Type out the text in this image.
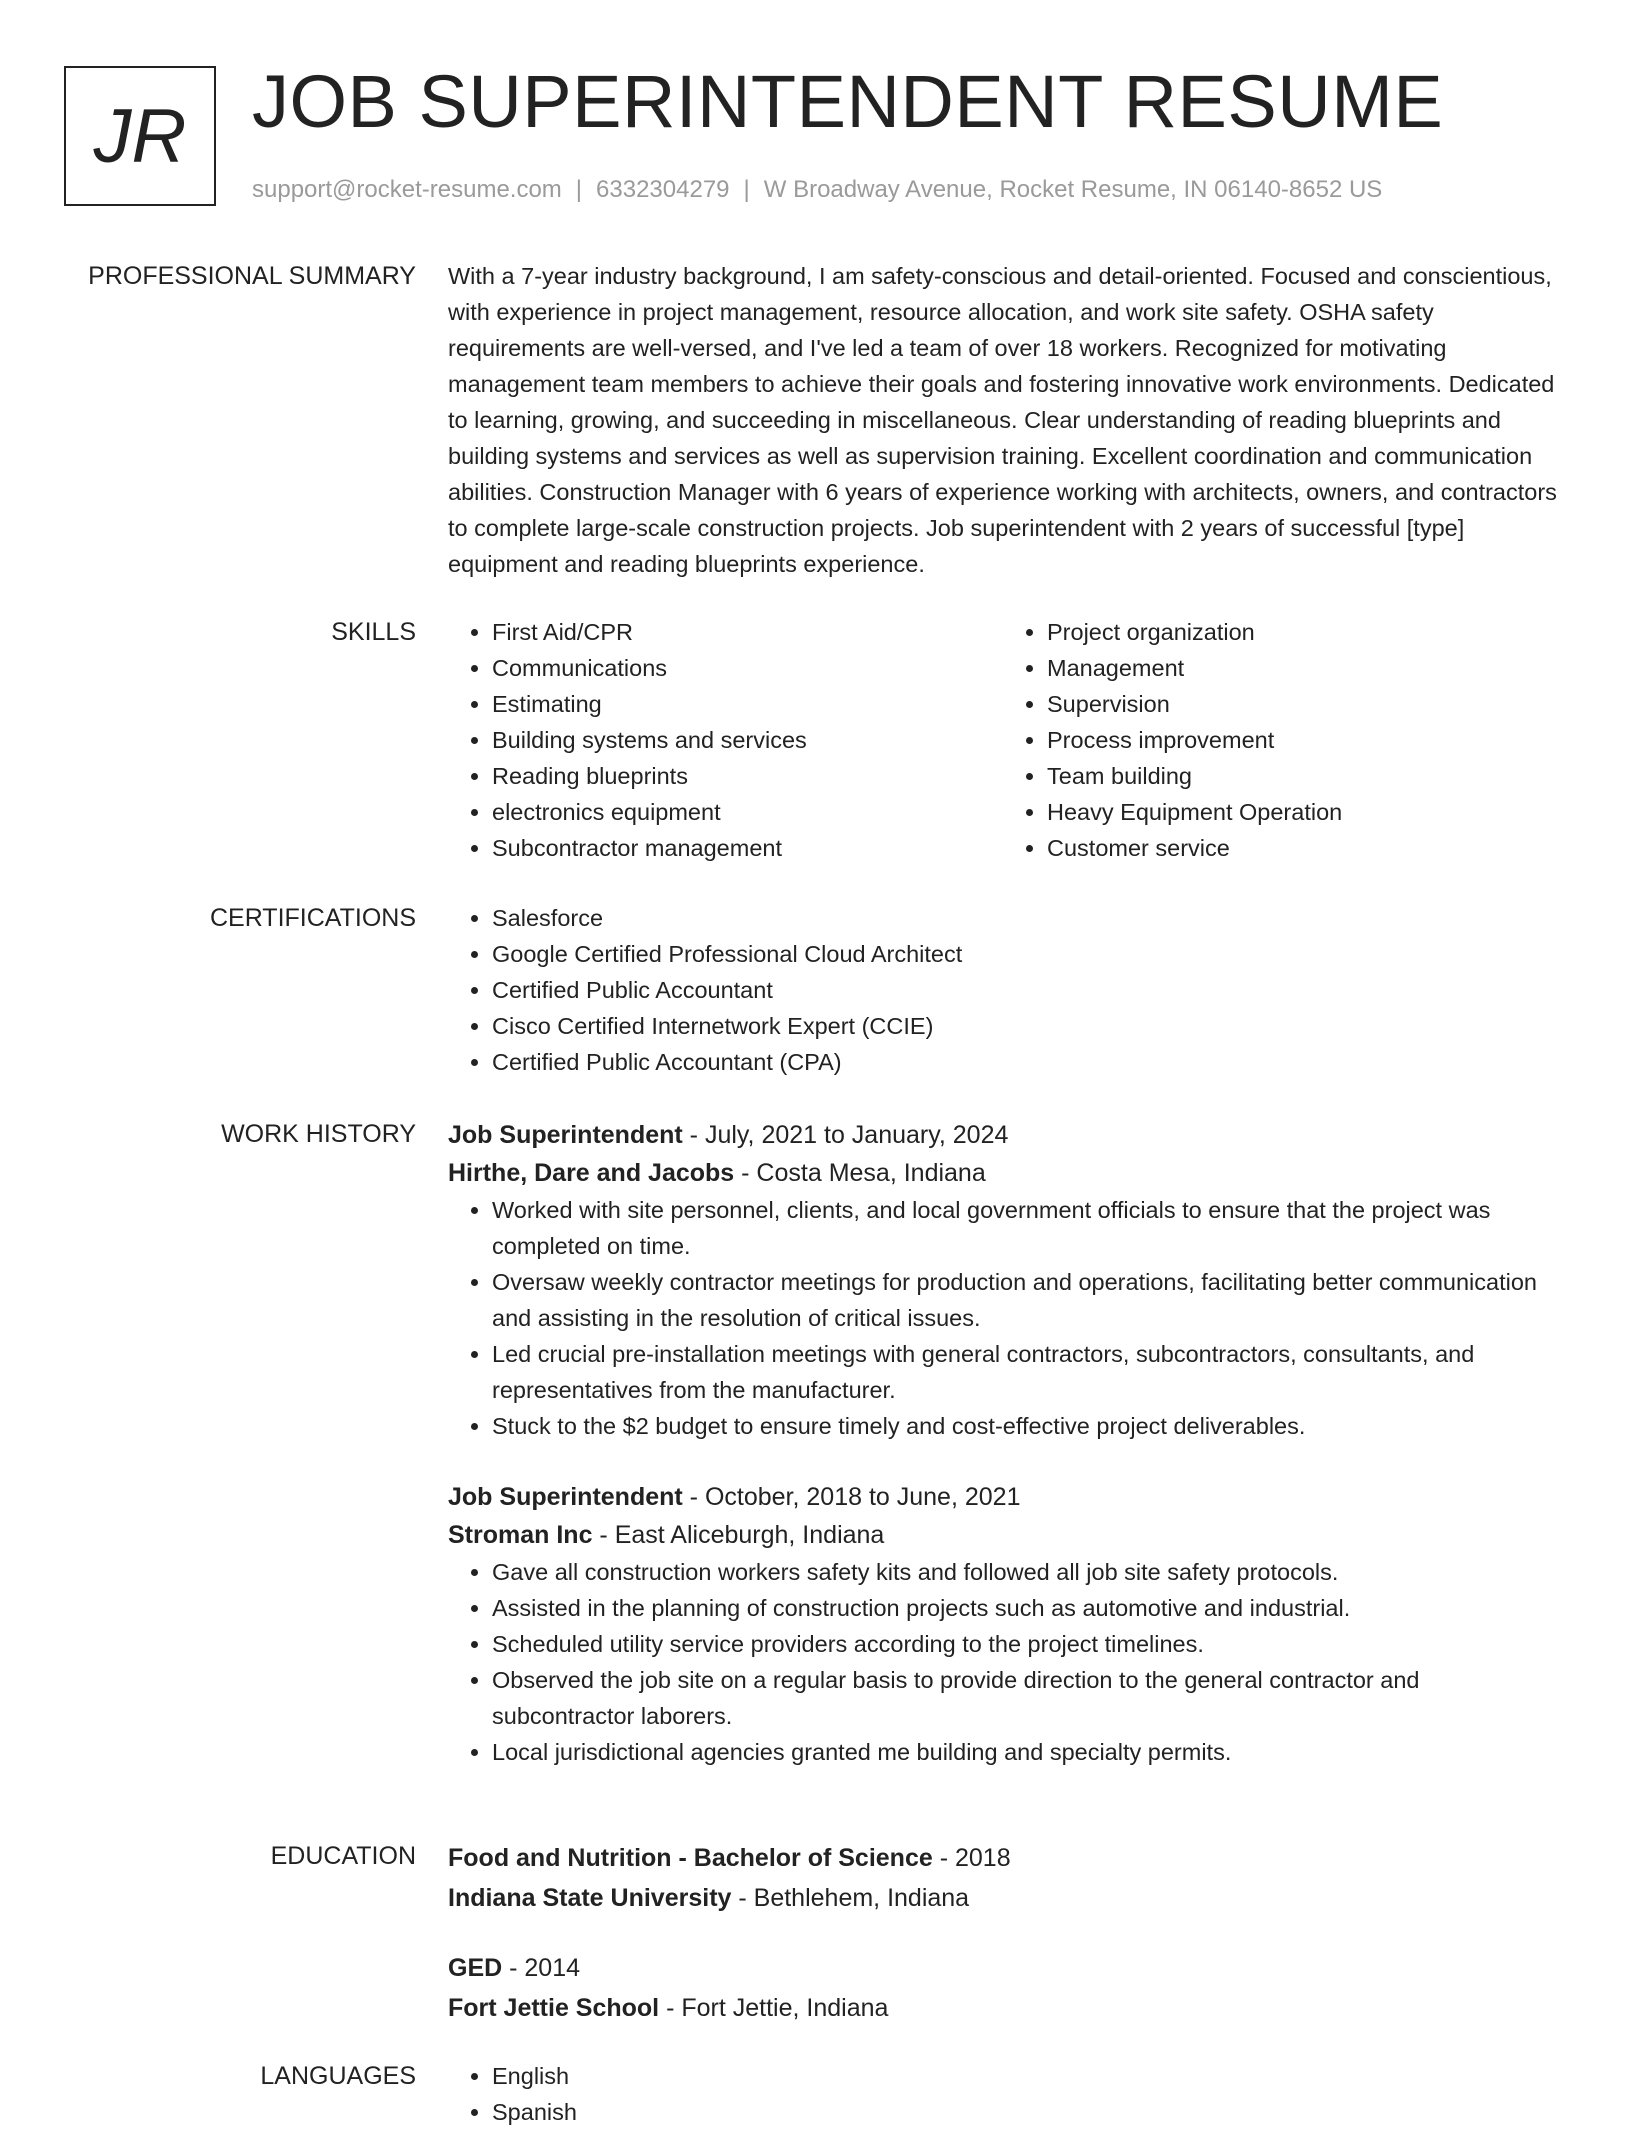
JR JOB SUPERINTENDENT RESUME
support@rocket-resume.com | 6332304279 | W Broadway Avenue, Rocket Resume, IN 06140-8652 US
PROFESSIONAL SUMMARY With a 7-year industry background, I am safety-conscious and detail-oriented. Focused and conscientious, with experience in project management, resource allocation, and work site safety. OSHA safety requirements are well-versed, and I've led a team of over 18 workers. Recognized for motivating management team members to achieve their goals and fostering innovative work environments. Dedicated to learning, growing, and succeeding in miscellaneous. Clear understanding of reading blueprints and building systems and services as well as supervision training. Excellent coordination and communication abilities. Construction Manager with 6 years of experience working with architects, owners, and contractors to complete large-scale construction projects. Job superintendent with 2 years of successful [type] equipment and reading blueprints experience.

SKILLS	• First Aid/CPR
• Communications
• Estimating
• Building systems and services
• Reading blueprints
• electronics equipment
• Subcontractor management
• Project organization
• Management
• Supervision
• Process improvement
• Team building
• Heavy Equipment Operation
• Customer service
CERTIFICATIONS	• Salesforce
• Google Certified Professional Cloud Architect
• Certified Public Accountant
• Cisco Certified Internetwork Expert (CCIE)
• Certified Public Accountant (CPA)
WORK HISTORY Job Superintendent - July, 2021 to January, 2024
Hirthe, Dare and Jacobs - Costa Mesa, Indiana
• Worked with site personnel, clients, and local government officials to ensure that the project was completed on time.
• Oversaw weekly contractor meetings for production and operations, facilitating better communication and assisting in the resolution of critical issues.
• Led crucial pre-installation meetings with general contractors, subcontractors, consultants, and representatives from the manufacturer.
• Stuck to the $2 budget to ensure timely and cost-effective project deliverables.
Job Superintendent - October, 2018 to June, 2021
Stroman Inc - East Aliceburgh, Indiana
• Gave all construction workers safety kits and followed all job site safety protocols.
• Assisted in the planning of construction projects such as automotive and industrial.
• Scheduled utility service providers according to the project timelines.
• Observed the job site on a regular basis to provide direction to the general contractor and subcontractor laborers.
• Local jurisdictional agencies granted me building and specialty permits.
EDUCATION Food and Nutrition - Bachelor of Science - 2018
Indiana State University - Bethlehem, Indiana
GED - 2014
Fort Jettie School - Fort Jettie, Indiana
LANGUAGES	• English
• Spanish
